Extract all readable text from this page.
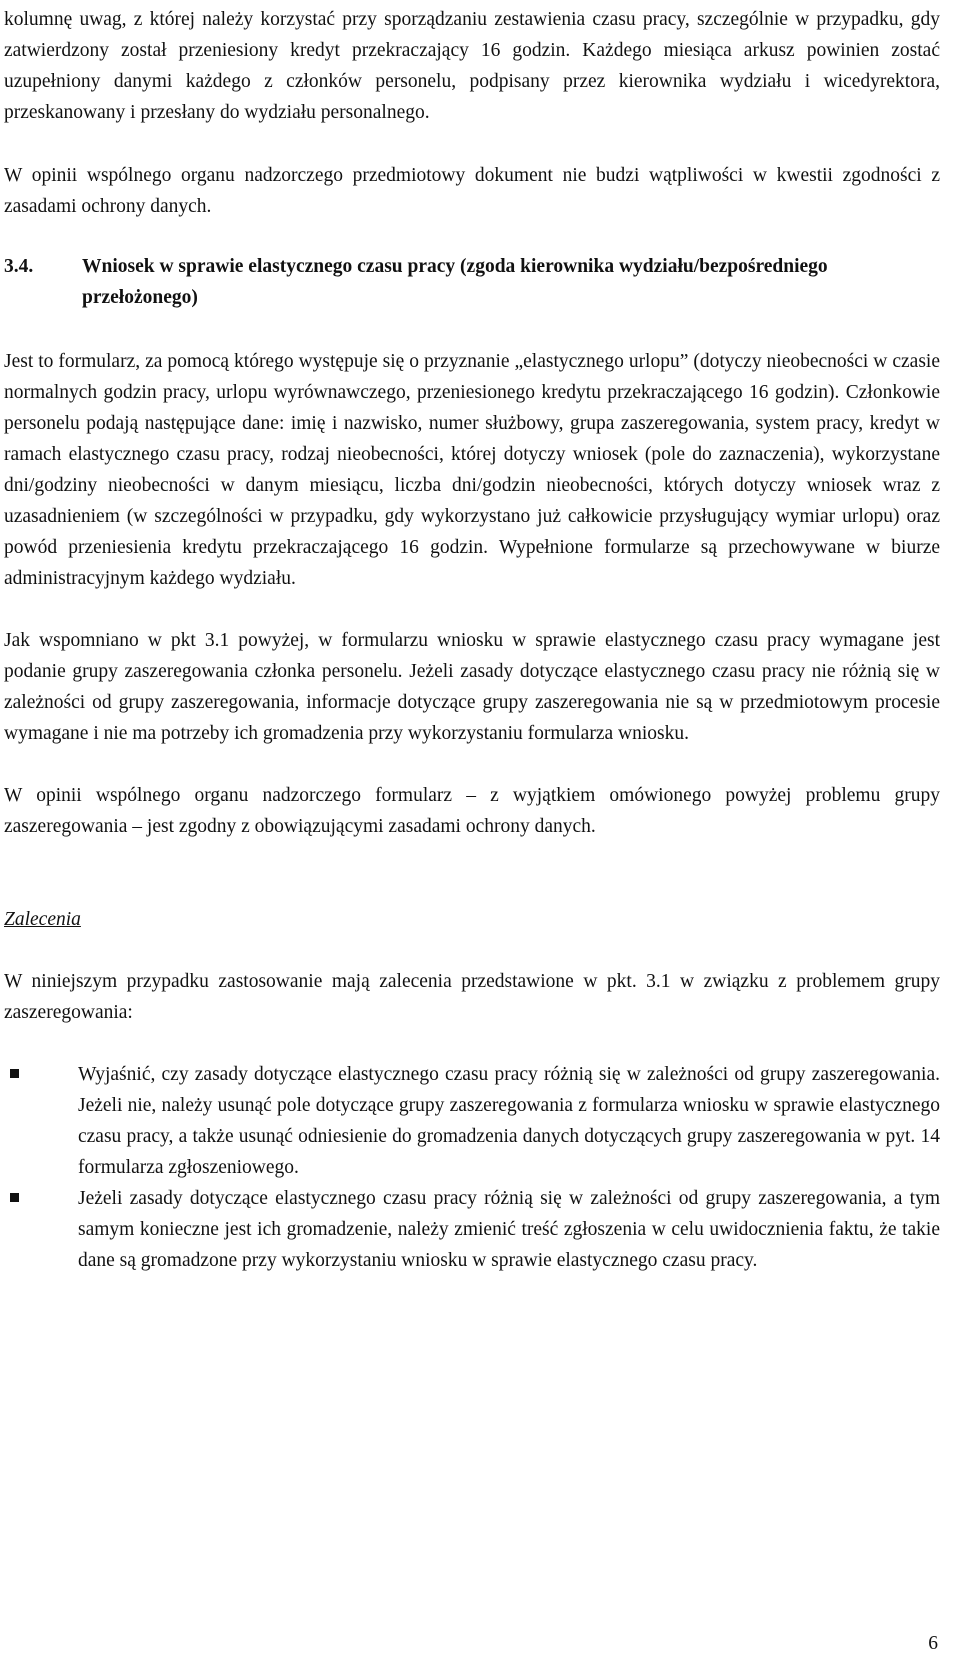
kolumnę uwag, z której należy korzystać przy sporządzaniu zestawienia czasu pracy, szczególnie w przypadku, gdy zatwierdzony został przeniesiony kredyt przekraczający 16 godzin. Każdego miesiąca arkusz powinien zostać uzupełniony danymi każdego z członków personelu, podpisany przez kierownika wydziału i wicedyrektora, przeskanowany i przesłany do wydziału personalnego.

W opinii wspólnego organu nadzorczego przedmiotowy dokument nie budzi wątpliwości w kwestii zgodności z zasadami ochrony danych.

3.4.	Wniosek w sprawie elastycznego czasu pracy (zgoda kierownika wydziału/bezpośredniego przełożonego)

Jest to formularz, za pomocą którego występuje się o przyznanie „elastycznego urlopu” (dotyczy nieobecności w czasie normalnych godzin pracy, urlopu wyrównawczego, przeniesionego kredytu przekraczającego 16 godzin). Członkowie personelu podają następujące dane: imię i nazwisko, numer służbowy, grupa zaszeregowania, system pracy, kredyt w ramach elastycznego czasu pracy, rodzaj nieobecności, której dotyczy wniosek (pole do zaznaczenia), wykorzystane dni/godziny nieobecności w danym miesiącu, liczba dni/godzin nieobecności, których dotyczy wniosek wraz z uzasadnieniem (w szczególności w przypadku, gdy wykorzystano już całkowicie przysługujący wymiar urlopu) oraz powód przeniesienia kredytu przekraczającego 16 godzin. Wypełnione formularze są przechowywane w biurze administracyjnym każdego wydziału.

Jak wspomniano w pkt 3.1 powyżej, w formularzu wniosku w sprawie elastycznego czasu pracy wymagane jest podanie grupy zaszeregowania członka personelu. Jeżeli zasady dotyczące elastycznego czasu pracy nie różnią się w zależności od grupy zaszeregowania, informacje dotyczące grupy zaszeregowania nie są w przedmiotowym procesie wymagane i nie ma potrzeby ich gromadzenia przy wykorzystaniu formularza wniosku.

W opinii wspólnego organu nadzorczego formularz – z wyjątkiem omówionego powyżej problemu grupy zaszeregowania – jest zgodny z obowiązującymi zasadami ochrony danych.

Zalecenia

W niniejszym przypadku zastosowanie mają zalecenia przedstawione w pkt. 3.1 w związku z problemem grupy zaszeregowania:

Wyjaśnić, czy zasady dotyczące elastycznego czasu pracy różnią się w zależności od grupy zaszeregowania. Jeżeli nie, należy usunąć pole dotyczące grupy zaszeregowania z formularza wniosku w sprawie elastycznego czasu pracy, a także usunąć odniesienie do gromadzenia danych dotyczących grupy zaszeregowania w pyt. 14 formularza zgłoszeniowego.
Jeżeli zasady dotyczące elastycznego czasu pracy różnią się w zależności od grupy zaszeregowania, a tym samym konieczne jest ich gromadzenie, należy zmienić treść zgłoszenia w celu uwidocznienia faktu, że takie dane są gromadzone przy wykorzystaniu wniosku w sprawie elastycznego czasu pracy.
6
